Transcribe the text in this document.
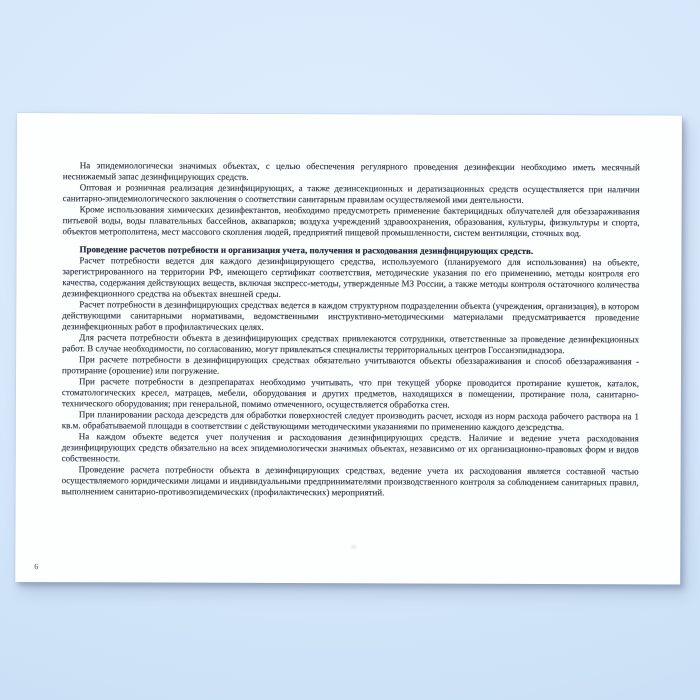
На эпидемиологически значимых объектах, с целью обеспечения регулярного проведения дезинфекции необходимо иметь месячный неснижаемый запас дезинфицирующих средств.

Оптовая и розничная реализация дезинфицирующих, а также дезинсекционных и дератизационных средств осуществляется при наличии санитарно-эпидемиологического заключения о соответствии санитарным правилам осуществляемой ими деятельности.

Кроме использования химических дезинфектантов, необходимо предусмотреть применение бактерицидных облучателей для обеззараживания питьевой воды, воды плавательных бассейнов, аквапарков; воздуха учреждений здравоохранения, образования, культуры, физкультуры и спорта, объектов метрополитена, мест массового скопления людей, предприятий пищевой промышленности, систем вентиляции, сточных вод.

Проведение расчетов потребности и организация учета, получения и расходования дезинфицирующих средств.

Расчет потребности ведется для каждого дезинфицирующего средства, используемого (планируемого для использования) на объекте, зарегистрированного на территории РФ, имеющего сертификат соответствия, методические указания по его применению, методы контроля его качества, содержания действующих веществ, включая экспресс-методы, утвержденные МЗ России, а также методы контроля остаточного количества дезинфекционного средства на объектах внешней среды.

Расчет потребности в дезинфицирующих средствах ведется в каждом структурном подразделении объекта (учреждения, организация), в котором действующими санитарными нормативами, ведомственными инструктивно-методическими материалами предусматривается проведение дезинфекционных работ в профилактических целях.

Для расчета потребности объекта в дезинфицирующих средствах привлекаются сотрудники, ответственные за проведение дезинфекционных работ. В случае необходимости, по согласованию, могут привлекаться специалисты территориальных центров Госсанэпиднадзора.

При расчете потребности в дезинфицирующих средствах обязательно учитываются объекты обеззараживания и способ обеззараживания - протирание (орошение) или погружение.

При расчете потребности в дезпрепаратах необходимо учитывать, что при текущей уборке проводится протирание кушеток, каталок, стоматологических кресел, матрацев, мебели, оборудования и других предметов, находящихся в помещении, протирание пола, санитарно-технического оборудования; при генеральной, помимо отмеченного, осуществляется обработка стен.

При планировании расхода дезсредств для обработки поверхностей следует производить расчет, исходя из норм расхода рабочего раствора на 1 кв.м. обрабатываемой площади в соответствии с действующими методическими указаниями по применению каждого дезсредства.

На каждом объекте ведется учет получения и расходования дезинфицирующих средств. Наличие и ведение учета расходования дезинфицирующих средств обязательно на всех эпидемиологически значимых объектах, независимо от их организационно-правовых форм и видов собственности.

Проведение расчета потребности объекта в дезинфицирующих средствах, ведение учета их расходования является составной частью осуществляемого юридическими лицами и индивидуальными предпринимателями производственного контроля за соблюдением санитарных правил, выполнением санитарно-противоэпидемических (профилактических) мероприятий.

6
